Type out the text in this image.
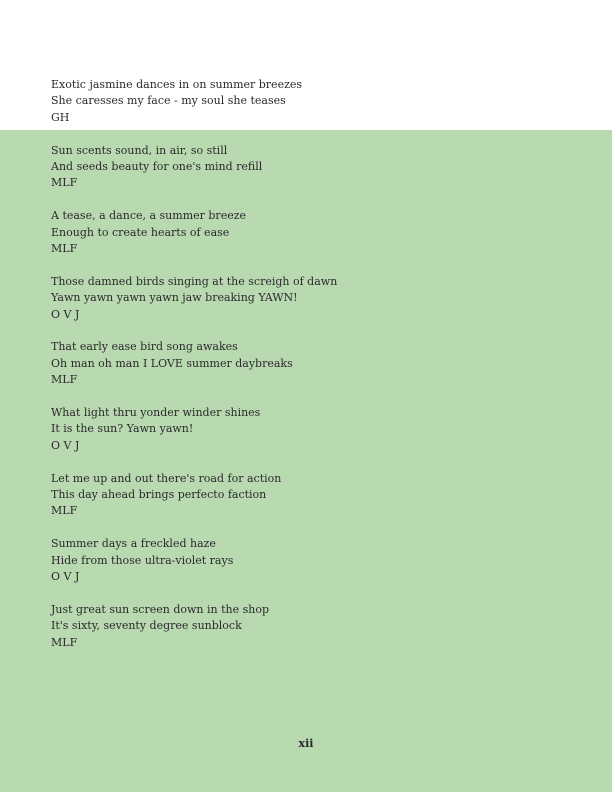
Exotic jasmine dances in on summer breezes
She caresses my face - my soul she teases
GH
Sun scents sound, in air, so still
And seeds beauty for one's mind refill
MLF
A tease, a dance, a summer breeze
Enough to create hearts of ease
MLF
Those damned birds singing at the screigh of dawn
Yawn yawn yawn yawn jaw breaking YAWN!
O V J
That early ease bird song awakes
Oh man oh man I LOVE summer daybreaks
MLF
What light thru yonder winder shines
It is the sun? Yawn yawn!
O V J
Let me up and out there's road for action
This day ahead brings perfecto faction
MLF
Summer days a freckled haze
Hide from those ultra-violet rays
O V J
Just great sun screen down in the shop
It's sixty, seventy degree sunblock
MLF
xii
